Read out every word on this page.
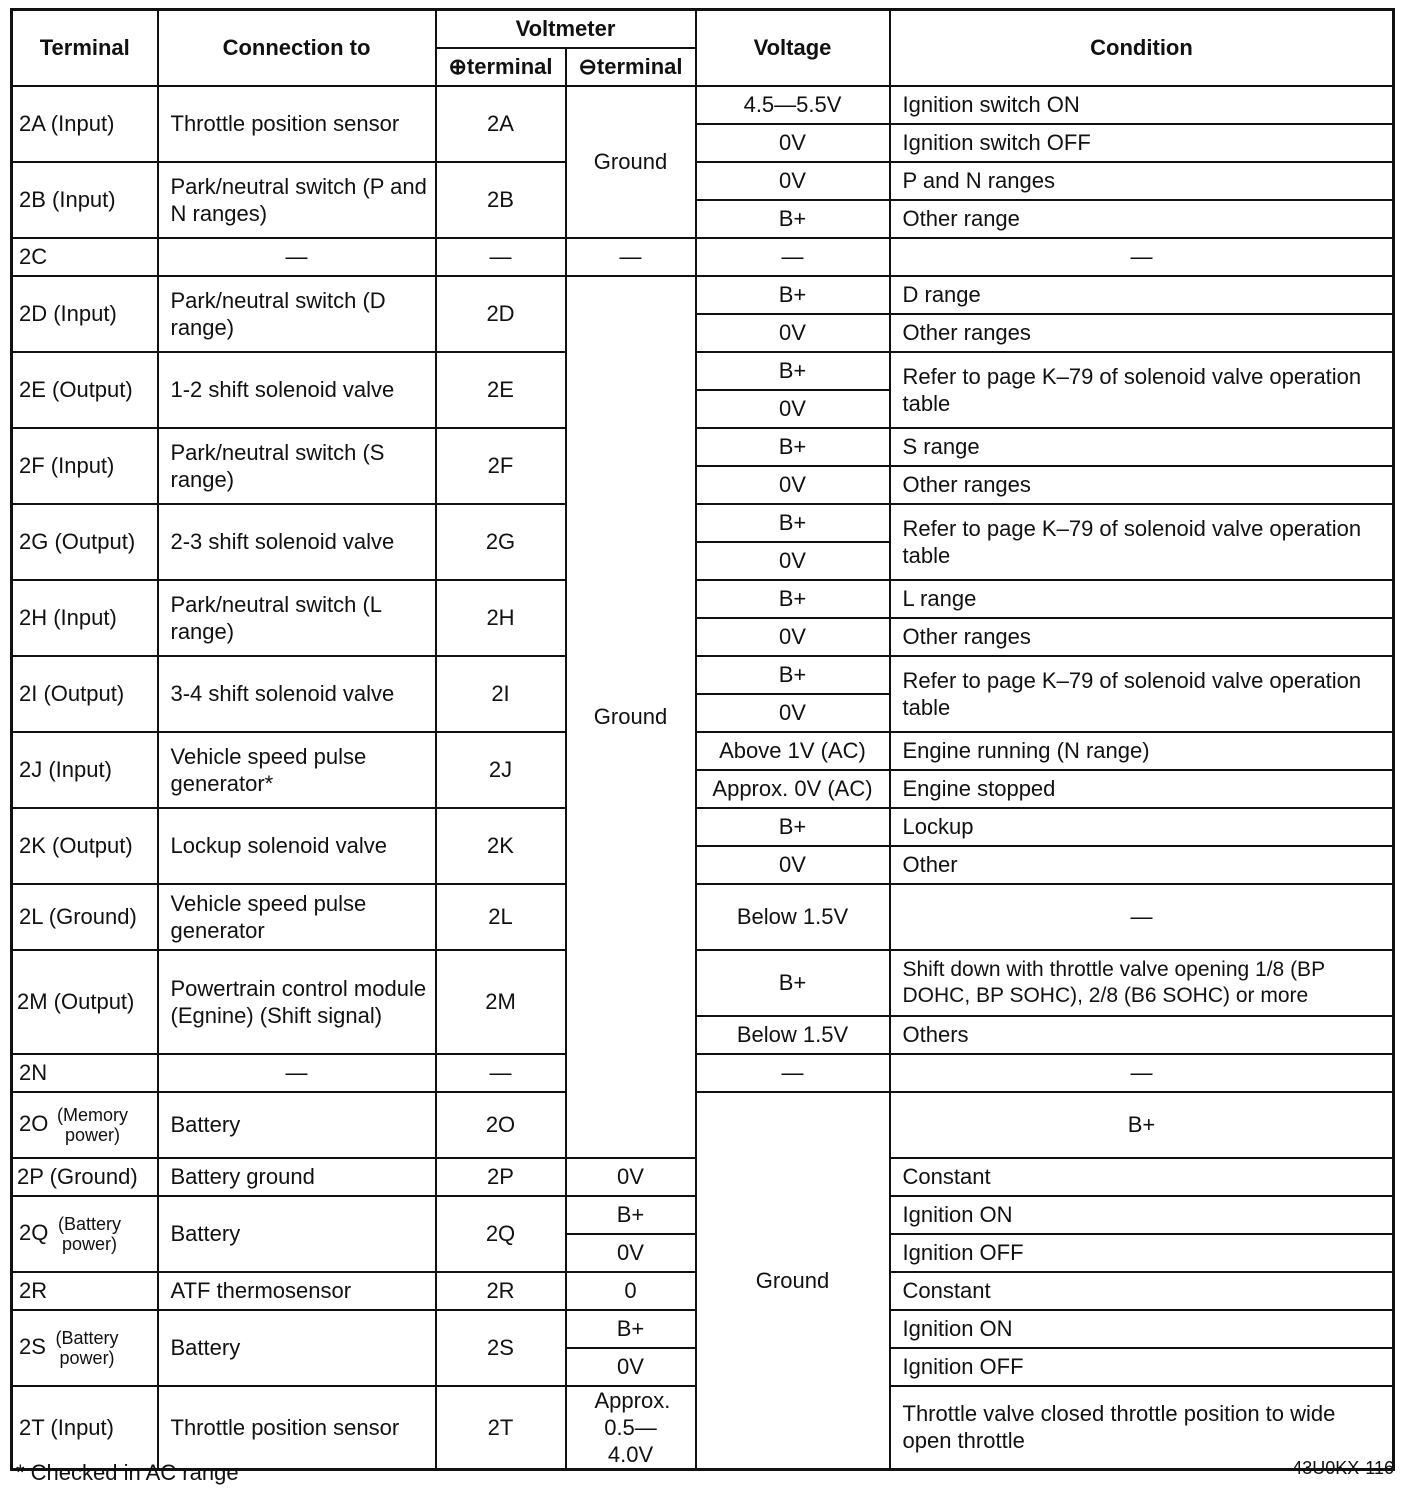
Terminal	Connection to	Voltmeter		Voltage	Condition	
		⊕terminal	⊖terminal			
2A (Input)	Throttle position sensor	2A	Ground	4.5—5.5V	Ignition switch ON	
				0V	Ignition switch OFF	
2B (Input)	Park/neutral switch (P and N ranges)	2B		0V	P and N ranges	
				B+	Other range	
2C	—	—	—	—	—	
2D (Input)	Park/neutral switch (D range)	2D	Ground	B+	D range	
				0V	Other ranges	
2E (Output)	1-2 shift solenoid valve	2E		B+	Refer to page K–79 of solenoid valve operation table	
				0V		
2F (Input)	Park/neutral switch (S range)	2F		B+	S range	
				0V	Other ranges	
2G (Output)	2-3 shift solenoid valve	2G		B+	Refer to page K–79 of solenoid valve operation table	
				0V		
2H (Input)	Park/neutral switch (L range)	2H		B+	L range	
				0V	Other ranges	
2I (Output)	3-4 shift solenoid valve	2I		B+	Refer to page K–79 of solenoid valve operation table	
				0V		
2J (Input)	Vehicle speed pulse generator*	2J		Above 1V (AC)	Engine running (N range)	
				Approx. 0V (AC)	Engine stopped	
2K (Output)	Lockup solenoid valve	2K		B+	Lockup	
				0V	Other	
2L (Ground)	Vehicle speed pulse generator	2L		Below 1.5V	—	
2M (Output)	Powertrain control module (Egnine) (Shift signal)	2M		B+	Shift down with throttle valve opening 1/8 (BP DOHC, BP SOHC), 2/8 (B6 SOHC) or more	
				Below 1.5V	Others	
2N	—	—		—	—	
2O (Memory power)	Battery	2O		Ground	B+	
2P (Ground)	Battery ground	2P	0V		Constant	
2Q (Battery power)	Battery	2Q	B+		Ignition ON	
			0V		Ignition OFF	
2R	ATF thermosensor	2R	0		Constant	
2S (Battery power)	Battery	2S	B+		Ignition ON	
			0V		Ignition OFF	
2T (Input)	Throttle position sensor	2T	Approx. 0.5—4.0V		Throttle valve closed throttle position to wide open throttle	
* Checked in AC range	43U0KX-116
